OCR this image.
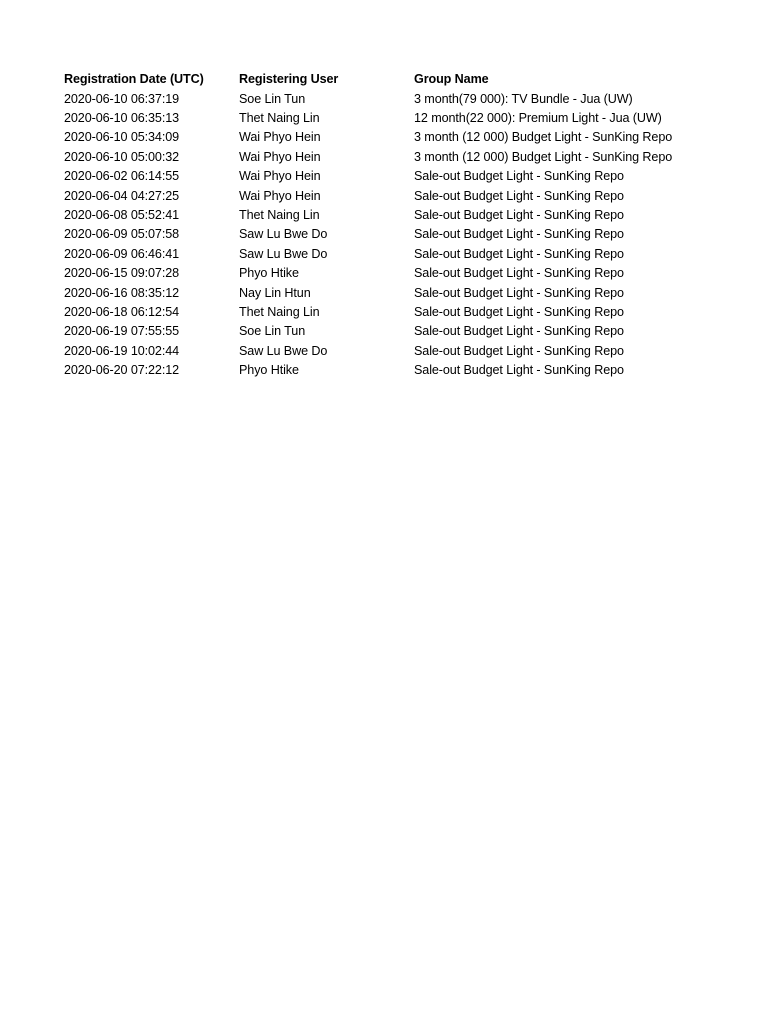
Registration Date (UTC)	Registering User	Group Name
2020-06-10 06:37:19	Soe Lin Tun	3 month(79 000): TV Bundle - Jua (UW)
2020-06-10 06:35:13	Thet Naing Lin	12 month(22 000): Premium Light - Jua (UW)
2020-06-10 05:34:09	Wai Phyo Hein	3 month (12 000) Budget Light - SunKing Repo
2020-06-10 05:00:32	Wai Phyo Hein	3 month (12 000) Budget Light - SunKing Repo
2020-06-02 06:14:55	Wai Phyo Hein	Sale-out Budget Light - SunKing Repo
2020-06-04 04:27:25	Wai Phyo Hein	Sale-out Budget Light - SunKing Repo
2020-06-08 05:52:41	Thet Naing Lin	Sale-out Budget Light - SunKing Repo
2020-06-09 05:07:58	Saw Lu Bwe Do	Sale-out Budget Light - SunKing Repo
2020-06-09 06:46:41	Saw Lu Bwe Do	Sale-out Budget Light - SunKing Repo
2020-06-15 09:07:28	Phyo Htike	Sale-out Budget Light - SunKing Repo
2020-06-16 08:35:12	Nay Lin Htun	Sale-out Budget Light - SunKing Repo
2020-06-18 06:12:54	Thet Naing Lin	Sale-out Budget Light - SunKing Repo
2020-06-19 07:55:55	Soe Lin Tun	Sale-out Budget Light - SunKing Repo
2020-06-19 10:02:44	Saw Lu Bwe Do	Sale-out Budget Light - SunKing Repo
2020-06-20 07:22:12	Phyo Htike	Sale-out Budget Light - SunKing Repo
